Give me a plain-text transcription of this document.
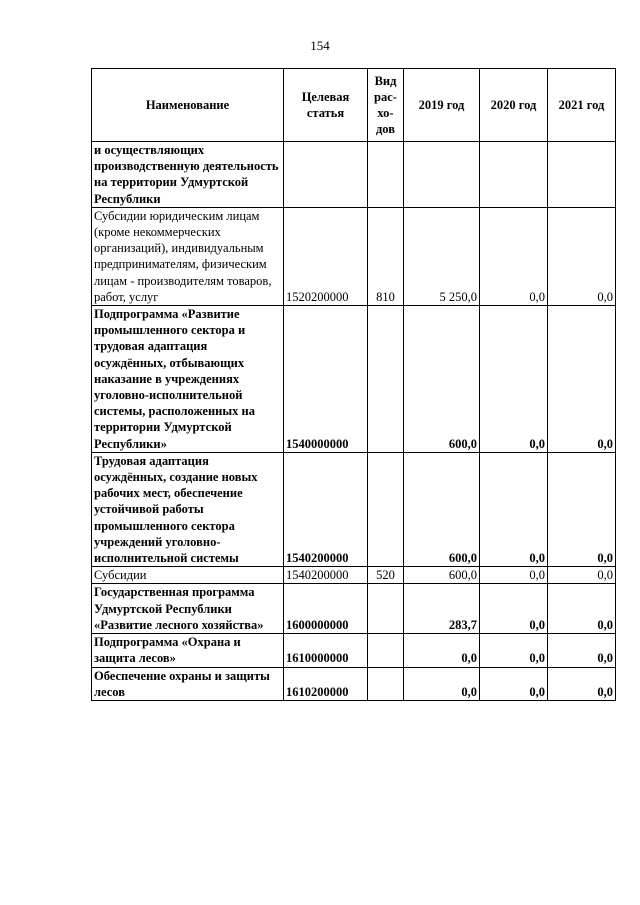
154
Наименование	Целевая статья	Вид рас-хо-дов	2019 год	2020 год	2021 год
и осуществляющих производственную деятельность на территории Удмуртской Республики					
Субсидии юридическим лицам (кроме некоммерческих организаций), индивидуальным предпринимателям, физическим лицам - производителям товаров, работ, услуг	1520200000	810	5 250,0	0,0	0,0
Подпрограмма «Развитие промышленного сектора и трудовая адаптация осуждённых, отбывающих наказание в учреждениях уголовно-исполнительной системы, расположенных на территории Удмуртской Республики»	1540000000		600,0	0,0	0,0
Трудовая адаптация осуждённых, создание новых рабочих мест, обеспечение устойчивой работы промышленного сектора учреждений уголовно-исполнительной системы	1540200000		600,0	0,0	0,0
Субсидии	1540200000	520	600,0	0,0	0,0
Государственная программа Удмуртской Республики «Развитие лесного хозяйства»	1600000000		283,7	0,0	0,0
Подпрограмма «Охрана и защита лесов»	1610000000		0,0	0,0	0,0
Обеспечение охраны и защиты лесов	1610200000		0,0	0,0	0,0
